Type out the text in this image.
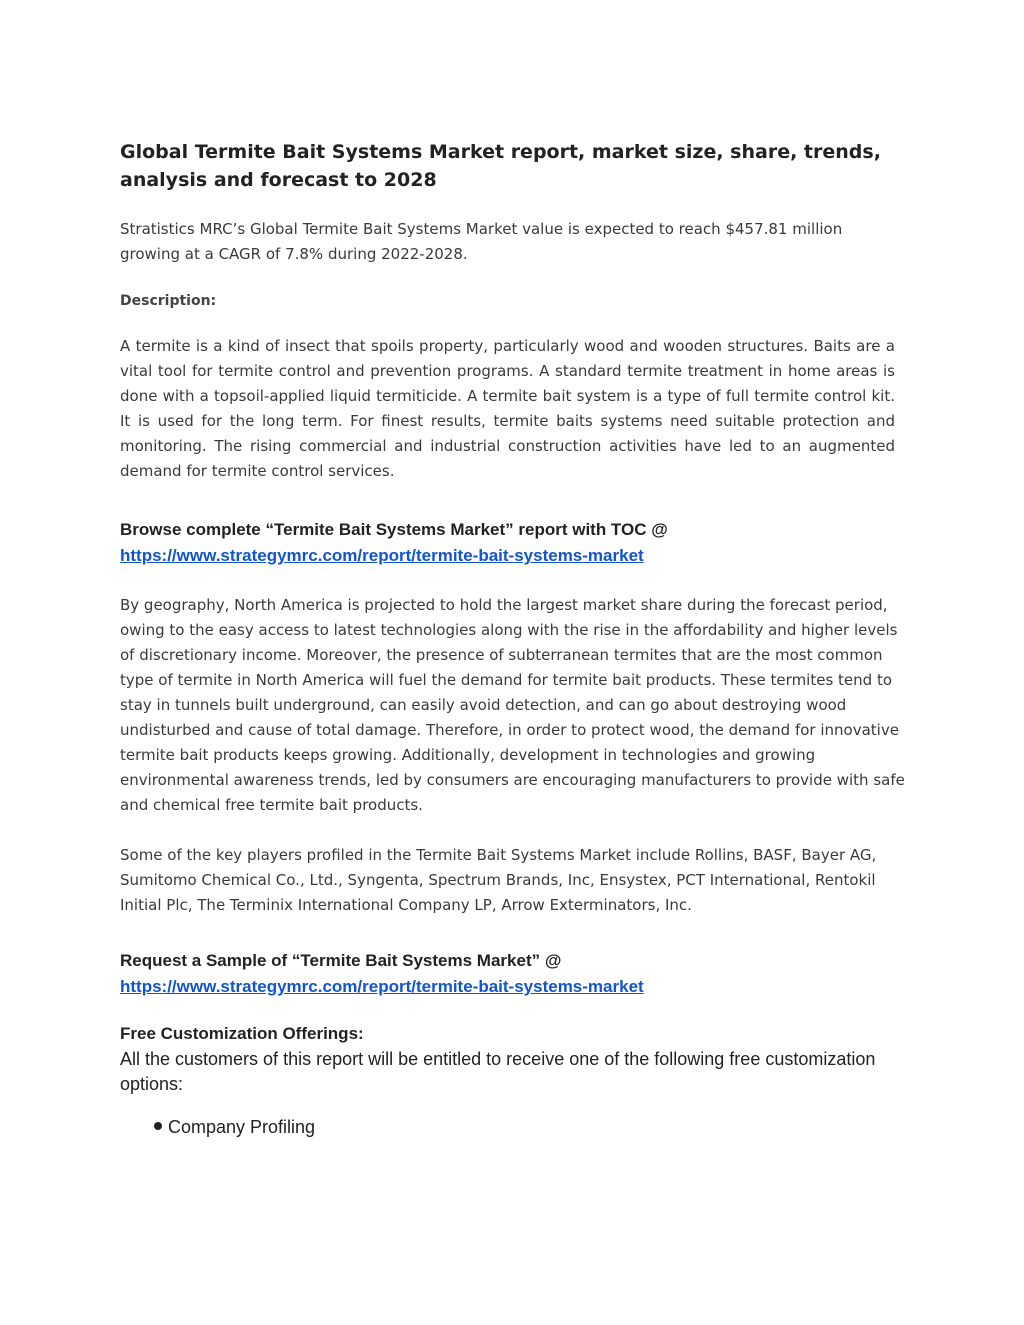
Global Termite Bait Systems Market report, market size, share, trends, analysis and forecast to 2028

Stratistics MRC’s Global Termite Bait Systems Market value is expected to reach $457.81 million growing at a CAGR of 7.8% during 2022-2028.

Description:

A termite is a kind of insect that spoils property, particularly wood and wooden structures. Baits are a vital tool for termite control and prevention programs. A standard termite treatment in home areas is done with a topsoil-applied liquid termiticide. A termite bait system is a type of full termite control kit. It is used for the long term. For finest results, termite baits systems need suitable protection and monitoring. The rising commercial and industrial construction activities have led to an augmented demand for termite control services.

Browse complete “Termite Bait Systems Market” report with TOC @

https://www.strategymrc.com/report/termite-bait-systems-market

By geography, North America is projected to hold the largest market share during the forecast period, owing to the easy access to latest technologies along with the rise in the affordability and higher levels of discretionary income. Moreover, the presence of subterranean termites that are the most common type of termite in North America will fuel the demand for termite bait products. These termites tend to stay in tunnels built underground, can easily avoid detection, and can go about destroying wood undisturbed and cause of total damage. Therefore, in order to protect wood, the demand for innovative termite bait products keeps growing. Additionally, development in technologies and growing environmental awareness trends, led by consumers are encouraging manufacturers to provide with safe and chemical free termite bait products.

Some of the key players profiled in the Termite Bait Systems Market include Rollins, BASF, Bayer AG, Sumitomo Chemical Co., Ltd., Syngenta, Spectrum Brands, Inc, Ensystex, PCT International, Rentokil Initial Plc, The Terminix International Company LP, Arrow Exterminators, Inc.

Request a Sample of “Termite Bait Systems Market” @

https://www.strategymrc.com/report/termite-bait-systems-market

Free Customization Offerings:

All the customers of this report will be entitled to receive one of the following free customization options:

Company Profiling
